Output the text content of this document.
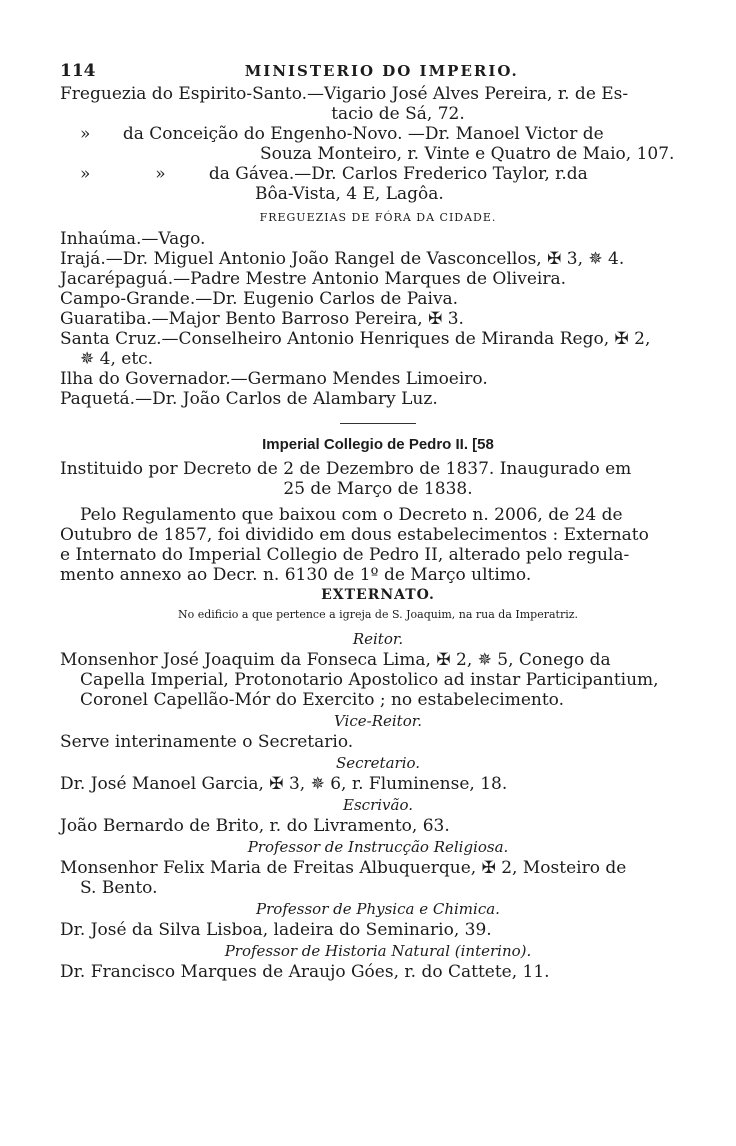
114	MINISTERIO DO IMPERIO.
Freguezia do Espirito-Santo.—Vigario José Alves Pereira, r. de Es-
tacio de Sá, 72.
»      da Conceição do Engenho-Novo. —Dr. Manoel Victor de
Souza Monteiro, r. Vinte e Quatro de Maio, 107.
»            »        da Gávea.—Dr. Carlos Frederico Taylor, r.da
Bôa-Vista, 4 E, Lagôa.
FREGUEZIAS DE FÓRA DA CIDADE.
Inhaúma.—Vago.
Irajá.—Dr. Miguel Antonio João Rangel de Vasconcellos, ✠ 3, ✵ 4.
Jacarépaguá.—Padre Mestre Antonio Marques de Oliveira.
Campo-Grande.—Dr. Eugenio Carlos de Paiva.
Guaratiba.—Major Bento Barroso Pereira, ✠ 3.
Santa Cruz.—Conselheiro Antonio Henriques de Miranda Rego, ✠ 2,
✵ 4, etc.
Ilha do Governador.—Germano Mendes Limoeiro.
Paquetá.—Dr. João Carlos de Alambary Luz.
Imperial Collegio de Pedro II. [58
Instituido por Decreto de 2 de Dezembro de 1837. Inaugurado em
25 de Março de 1838.
Pelo Regulamento que baixou com o Decreto n. 2006, de 24 de
Outubro de 1857, foi dividido em dous estabelecimentos : Externato
e Internato do Imperial Collegio de Pedro II, alterado pelo regula-
mento annexo ao Decr. n. 6130 de 1º de Março ultimo.
EXTERNATO.
No edificio a que pertence a igreja de S. Joaquim, na rua da Imperatriz.
Reitor.
Monsenhor José Joaquim da Fonseca Lima, ✠ 2, ✵ 5, Conego da
Capella Imperial, Protonotario Apostolico ad instar Participantium,
Coronel Capellão-Mór do Exercito ; no estabelecimento.
Vice-Reitor.
Serve interinamente o Secretario.
Secretario.
Dr. José Manoel Garcia, ✠ 3, ✵ 6, r. Fluminense, 18.
Escrivão.
João Bernardo de Brito, r. do Livramento, 63.
Professor de Instrucção Religiosa.
Monsenhor Felix Maria de Freitas Albuquerque, ✠ 2, Mosteiro de
S. Bento.
Professor de Physica e Chimica.
Dr. José da Silva Lisboa, ladeira do Seminario, 39.
Professor de Historia Natural (interino).
Dr. Francisco Marques de Araujo Góes, r. do Cattete, 11.
